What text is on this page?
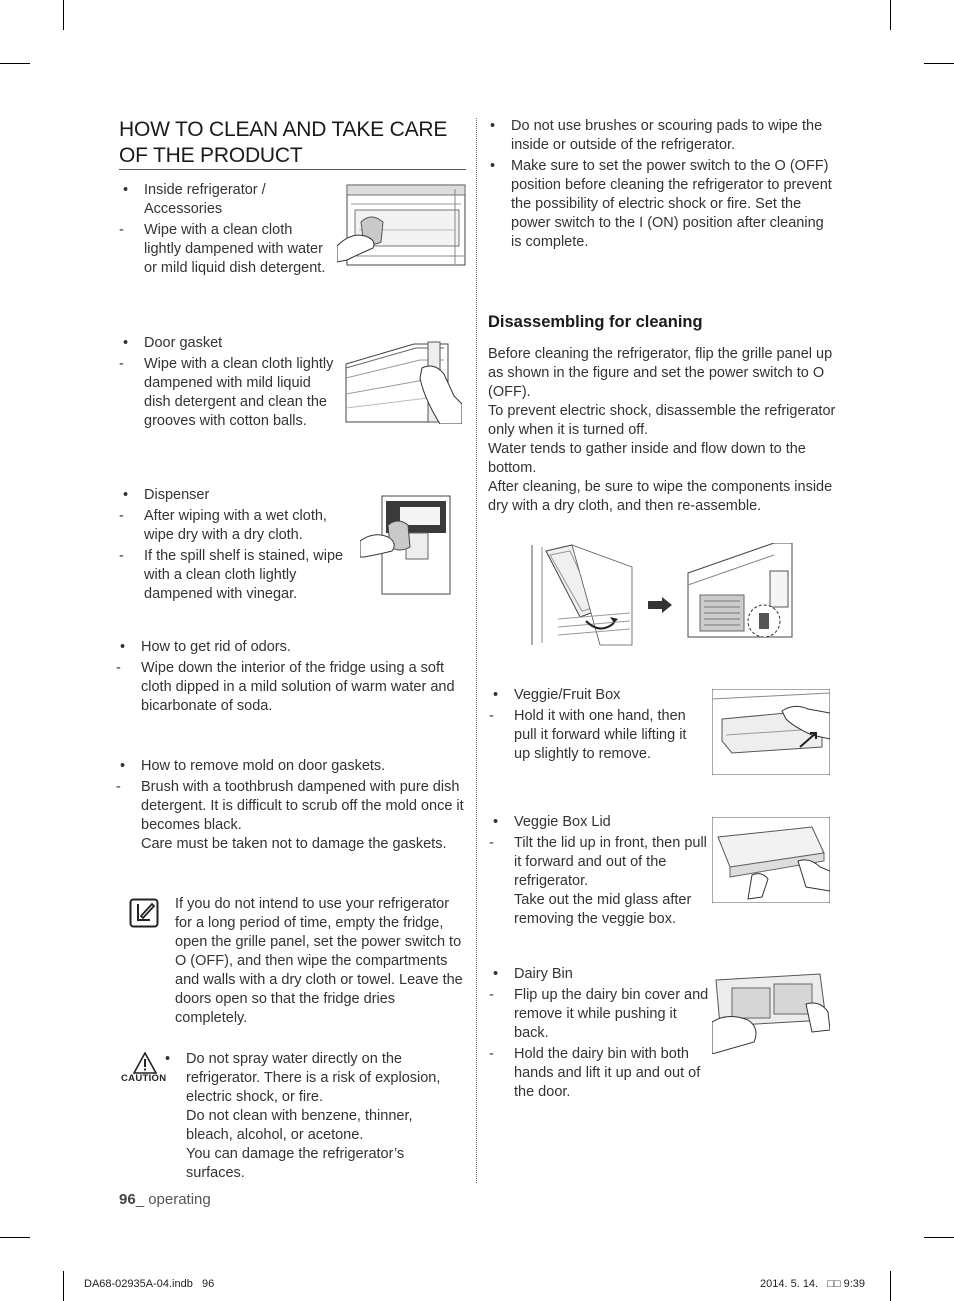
HOW TO CLEAN AND TAKE CARE OF THE PRODUCT
•	Inside refrigerator / Accessories
-	Wipe with a clean cloth lightly dampened with water or mild liquid dish detergent.
•	Door gasket
-	Wipe with a clean cloth lightly dampened with mild liquid dish detergent and clean the grooves with cotton balls.
•	Dispenser
-	After wiping with a wet cloth, wipe dry with a dry cloth.
-	If the spill shelf is stained, wipe with a clean cloth lightly dampened with vinegar.
•	How to get rid of odors.
-	Wipe down the interior of the fridge using a soft cloth dipped in a mild solution of warm water and bicarbonate of soda.
•	How to remove mold on door gaskets.
-	Brush with a toothbrush dampened with pure dish detergent. It is difficult to scrub off the mold once it becomes black.
Care must be taken not to damage the gaskets.
If you do not intend to use your refrigerator for a long period of time, empty the fridge, open the grille panel, set the power switch to O (OFF), and then wipe the compartments and walls with a dry cloth or towel. Leave the doors open so that the fridge dries completely.
CAUTION
•	Do not spray water directly on the refrigerator. There is a risk of explosion, electric shock, or fire.
Do not clean with benzene, thinner, bleach, alcohol, or acetone.
You can damage the refrigerator’s surfaces.
96_ operating
•	Do not use brushes or scouring pads to wipe the inside or outside of the refrigerator.
•	Make sure to set the power switch to the O (OFF) position before cleaning the refrigerator to prevent the possibility of electric shock or fire. Set the power switch to the I (ON) position after cleaning is complete.
Disassembling for cleaning
Before cleaning the refrigerator, flip the grille panel up as shown in the figure and set the power switch to O (OFF).
To prevent electric shock, disassemble the refrigerator only when it is turned off.
Water tends to gather inside and flow down to the bottom.
After cleaning, be sure to wipe the components inside dry with a dry cloth, and then re-assemble.
•	Veggie/Fruit Box
-	Hold it with one hand, then pull it forward while lifting it up slightly to remove.
•	Veggie Box Lid
-	Tilt the lid up in front, then pull it forward and out of the refrigerator.
Take out the mid glass after removing the veggie box.
•	Dairy Bin
-	Flip up the dairy bin cover and remove it while pushing it back.
-	Hold the dairy bin with both hands and lift it up and out of the door.
DA68-02935A-04.indb   96	2014. 5. 14.   □□ 9:39
